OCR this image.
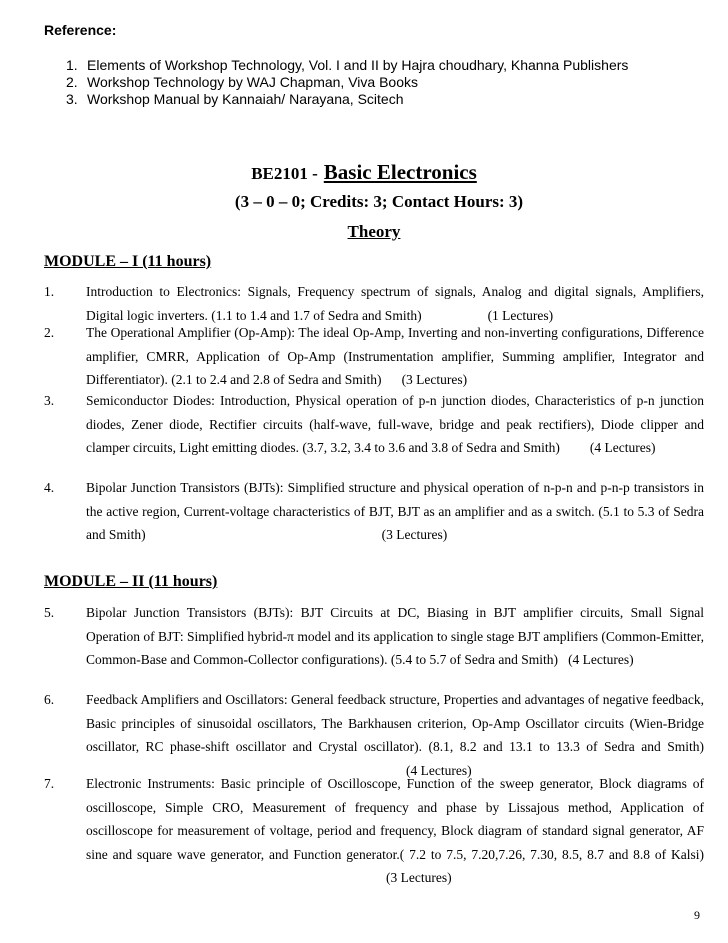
Reference:
1. Elements of Workshop Technology, Vol. I and II by Hajra choudhary, Khanna Publishers
2. Workshop Technology by WAJ Chapman, Viva Books
3. Workshop Manual by Kannaiah/ Narayana, Scitech
BE2101 - Basic Electronics
(3 – 0 – 0; Credits: 3; Contact Hours: 3)
Theory
MODULE – I (11 hours)
1. Introduction to Electronics: Signals, Frequency spectrum of signals, Analog and digital signals, Amplifiers, Digital logic inverters. (1.1 to 1.4 and 1.7 of Sedra and Smith)	(1 Lectures)
2. The Operational Amplifier (Op-Amp): The ideal Op-Amp, Inverting and non-inverting configurations, Difference amplifier, CMRR, Application of Op-Amp (Instrumentation amplifier, Summing amplifier, Integrator and Differentiator). (2.1 to 2.4 and 2.8 of Sedra and Smith) (3 Lectures)
3. Semiconductor Diodes: Introduction, Physical operation of p-n junction diodes, Characteristics of p-n junction diodes, Zener diode, Rectifier circuits (half-wave, full-wave, bridge and peak rectifiers), Diode clipper and clamper circuits, Light emitting diodes. (3.7, 3.2, 3.4 to 3.6 and 3.8 of Sedra and Smith) (4 Lectures)
4. Bipolar Junction Transistors (BJTs): Simplified structure and physical operation of n-p-n and p-n-p transistors in the active region, Current-voltage characteristics of BJT, BJT as an amplifier and as a switch. (5.1 to 5.3 of Sedra and Smith)	(3 Lectures)
MODULE – II (11 hours)
5. Bipolar Junction Transistors (BJTs): BJT Circuits at DC, Biasing in BJT amplifier circuits, Small Signal Operation of BJT: Simplified hybrid-π model and its application to single stage BJT amplifiers (Common-Emitter, Common-Base and Common-Collector configurations). (5.4 to 5.7 of Sedra and Smith) (4 Lectures)
6. Feedback Amplifiers and Oscillators: General feedback structure, Properties and advantages of negative feedback, Basic principles of sinusoidal oscillators, The Barkhausen criterion, Op-Amp Oscillator circuits (Wien-Bridge oscillator, RC phase-shift oscillator and Crystal oscillator). (8.1, 8.2 and 13.1 to 13.3 of Sedra and Smith)(4 Lectures)
7. Electronic Instruments: Basic principle of Oscilloscope, Function of the sweep generator, Block diagrams of oscilloscope, Simple CRO, Measurement of frequency and phase by Lissajous method, Application of oscilloscope for measurement of voltage, period and frequency, Block diagram of standard signal generator, AF sine and square wave generator, and Function generator.( 7.2 to 7.5, 7.20,7.26, 7.30, 8.5, 8.7 and 8.8 of Kalsi)(3 Lectures)
9
